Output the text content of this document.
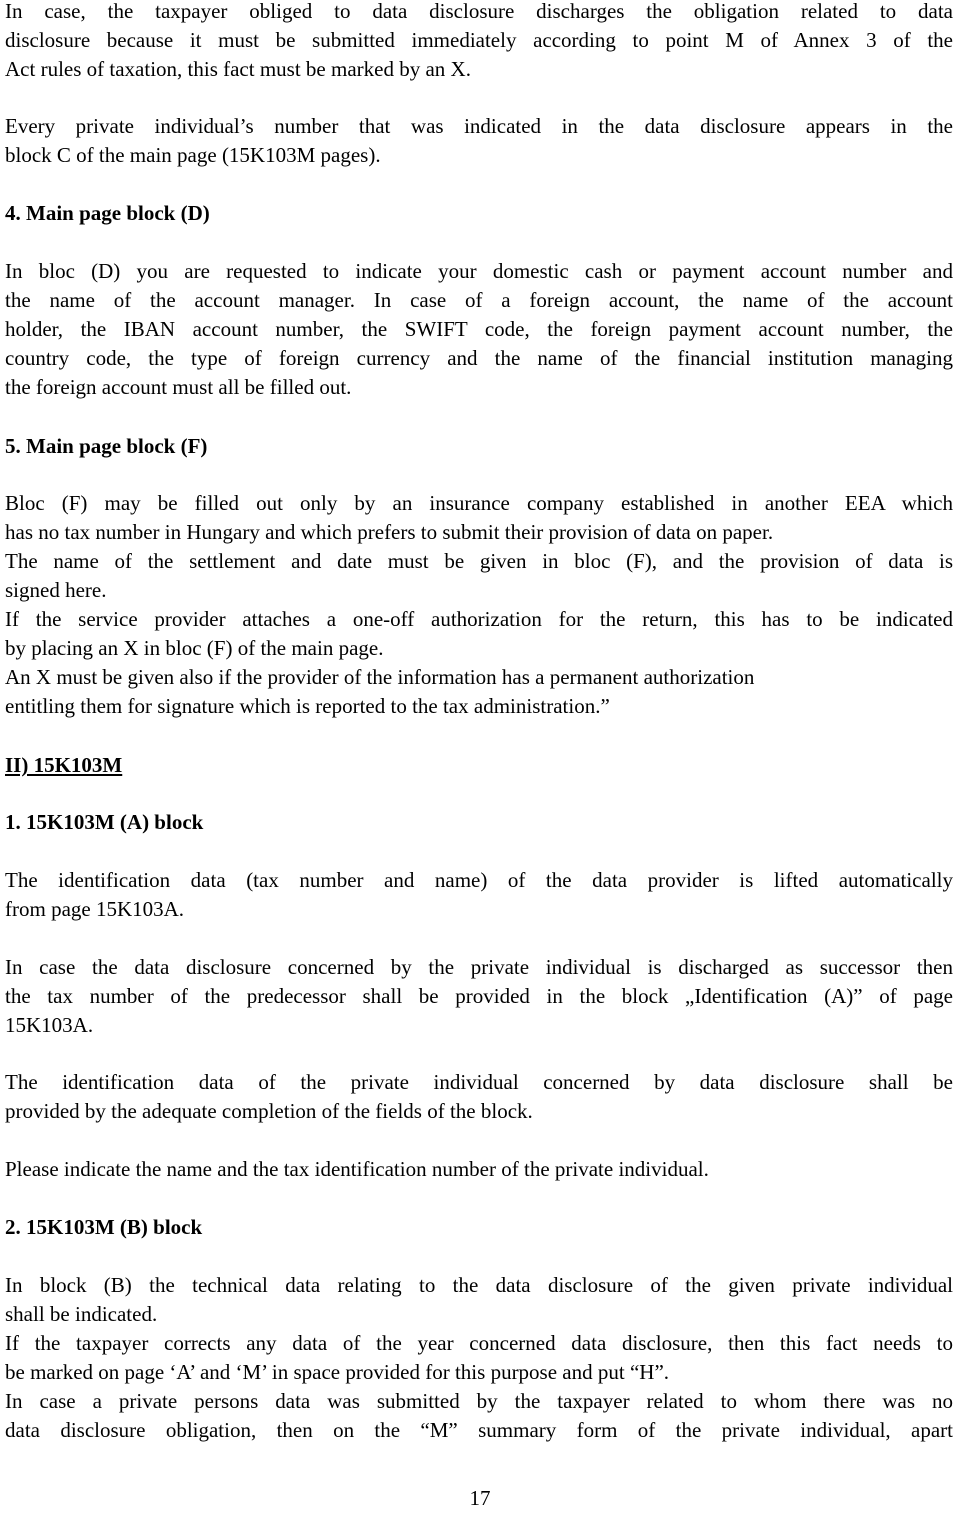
In case, the taxpayer obliged to data disclosure discharges the obligation related to data
disclosure because it must be submitted immediately according to point M of Annex 3 of the
Act rules of taxation, this fact must be marked by an X.
Every private individual’s number that was indicated in the data disclosure appears in the
block C of the main page (15K103M pages).
4. Main page block (D)
In bloc (D) you are requested to indicate your domestic cash or payment account number and
the name of the account manager. In case of a foreign account, the name of the account
holder, the IBAN account number, the SWIFT code, the foreign payment account number, the
country code, the type of foreign currency and the name of the financial institution managing
the foreign account must all be filled out.
5. Main page block (F)
Bloc (F) may be filled out only by an insurance company established in another EEA which
has no tax number in Hungary and which prefers to submit their provision of data on paper.
The name of the settlement and date must be given in bloc (F), and the provision of data is
signed here.
If the service provider attaches a one-off authorization for the return, this has to be indicated
by placing an X in bloc (F) of the main page.
An X must be given also if the provider of the information has a permanent authorization
entitling them for signature which is reported to the tax administration.”
II) 15K103M
1. 15K103M (A) block
The identification data (tax number and name) of the data provider is lifted automatically
from page 15K103A.
In case the data disclosure concerned by the private individual is discharged as successor then
the tax number of the predecessor shall be provided in the block „Identification (A)” of page
15K103A.
The identification data of the private individual concerned by data disclosure shall be
provided by the adequate completion of the fields of the block.
Please indicate the name and the tax identification number of the private individual.
2. 15K103M (B) block
In block (B) the technical data relating to the data disclosure of the given private individual
shall be indicated.
If the taxpayer corrects any data of the year concerned data disclosure, then this fact needs to
be marked on page ‘A’ and ‘M’ in space provided for this purpose and put “H”.
In case a private persons data was submitted by the taxpayer related to whom there was no
data disclosure obligation, then on the “M” summary form of the private individual, apart
17
